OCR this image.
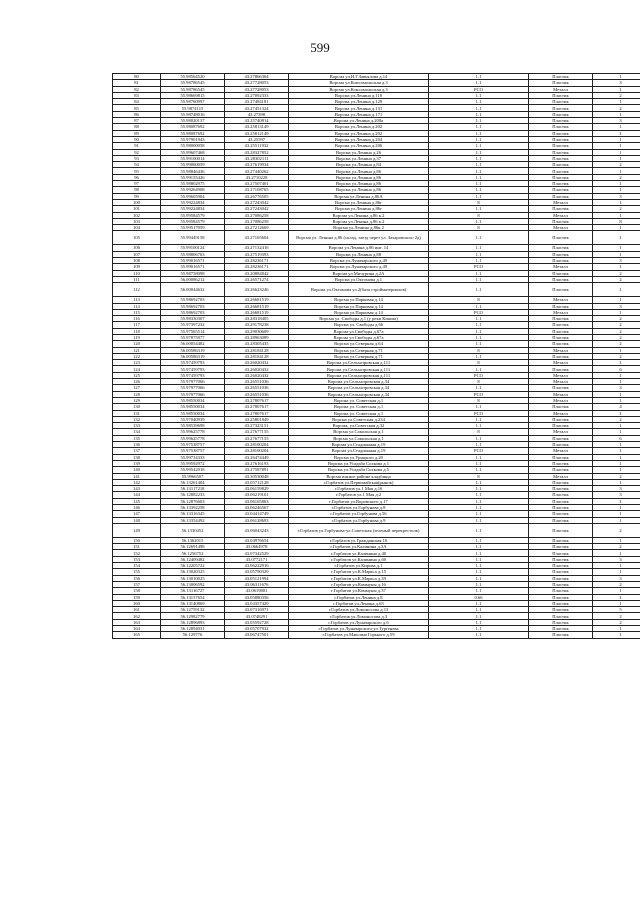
599
80	55.98564520	43.27866364	Ворсма ул.И.Г.Завьялова д.14	1.1	Пластик	1
81	55.98786545	43.27728053	Ворсма ул.Комсомольская д.3	1.1	Пластик	3
82	55.98786545	43.27728053	Ворсма ул.Комсомольская д.3	РСО	Металл	1
83	55.98669815	43.27092333	Ворсма ул.Ленина д.118	1.1	Пластик	2
84	55.98760997	43.27484181	Ворсма ул.Ленина д.129	1.1	Пластик	1
85	55.9874115	43.27451324	Ворсма ул.Ленина д.131	1.1	Пластик	2
86	55.98748016	43.27398	Ворсма ул.Ленина д.171	1.1	Пластик	1
87	55.98020137	43.25740814	Ворсма ул.Ленина д.200а	1.1	Пластик	3
88	55.98087692	43.25813149	Ворсма ул.Ленина д.202	1.1	Пластик	1
89	55.98087692	43.25812149	Ворсма ул.Ленина д.202	1.1	Пластик	1
90	55.97901943	43.25597	Ворсма ул.Ленина д.204	1.1	Пластик	1
91	55.98000058	43.25511932	Ворсма ул.Ленина д.206	1.1	Пластик	1
92	55.99607468	43.28327852	Ворсма ул.Ленина д.26	1.1	Пластик	1
93	55.99100014	43.28302111	Ворсма ул.Ленина д.37	1.1	Пластик	1
94	55.99060059	43.27619934	Ворсма ул.Ленина д.84	1.1	Пластик	2
95	55.98846436	43.27440262	Ворсма ул.Ленина д.86	1.1	Пластик	1
96	55.99155426	43.2710228	Ворсма ул.Ленина д.86	1.1	Пластик	2
97	55.98802975	43.27507401	Ворсма ул.Ленина д.86	1.1	Пластик	1
98	55.99264908	43.27108765	Ворсма ул.Ленина д.86	1.1	Пластик	1
99	55.99605904	43.26776505	Ворсма ул.Ленина д.86А	1.1	Пластик	3
100	55.99224834	43.27243042	Ворсма ул.Ленина д.86г	8	Металл	1
101	55.99224834	43.27243042	Ворсма ул.Ленина д.86г	1.1	Пластик	2
102	55.99584579	43.27086258	Ворсма ул.Ленина д.86 к.2	8	Металл	1
103	55.99584579	43.27086258	Ворсма ул.Ленина д.86 к.2	1.1	Пластик	8
104	55.99517059	43.27212669	Ворсма ул.Ленина д.86к.2	8	Металл	1
105	55.99449158	43.27165604	Ворсма ул. Ленина д.86 (склад, заезд через ул. Захаровского 2д)	1.1	Пластик	1
106	55.99100124	43.27132416	Ворсма ул.Ленина д.86 инт. 14	1.1	Пластик	1
107	55.98806763	43.27519393	Ворсма ул.Ленина д.88	1.1	Пластик	1
108	55.99016571	43.28236171	Ворсма ул.Луначарского д.49	1.1	Пластик	3
109	55.99016571	43.28236171	Ворсма ул.Луначарского д.49	РСО	Металл	1
110	55.98758098	43.20884842	Ворсма ул.Мичурина д.2А	1.1	Пластик	2
111	56.00086212	43.26571274	Ворсма ул.Октомова д.1	1.1	Пластик	2
112	56.00044632	43.26623246	Ворсма ул.Октомова ул.2(база стройматериалов)	1.1	Пластик	1
113	55.98692703	43.26681519	Ворсма ул.Парковая д.14	8	Металл	1
114	55.98692703	43.26681519	Ворсма ул.Парковая д.14	1.1	Пластик	3
115	55.98692703	43.26681519	Ворсма ул.Парковая д.14	РСО	Металл	1
116	55.98330307	43.28318405	Ворсма ул. Свободы д.1 (у реки Кишма)	1.1	Пластик	2
117	55.97397232	43.29178238	Ворсма ул. Свободы д.66	1.1	Пластик	2
118	55.97565514	43.29030609	Ворсма ул.Свободы д.67а	1.1	Пластик	2
119	55.97875977	43.28963089	Ворсма ул.Свободы д.67а	1.1	Пластик	2
120	56.00054482	43.28305435	Ворсма ул.Северная д.64	1.1	Пластик	2
121	56.00586319	43.28184128	Ворсма ул.Северная д.71	8	Металл	1
122	56.00586319	43.28184128	Ворсма ул.Северная д.71	1.1	Пластик	2
123	55.97459793	43.26020432	Ворсма ул.Сельхозровская д.111	8	Металл	1
124	55.97459793	43.26020432	Ворсма ул.Сельхозровская д.111	1.1	Пластик	6
125	55.97459793	43.26020432	Ворсма ул.Сельхозровская д.111	РСО	Металл	1
126	55.97977066	43.26551036	Ворсма ул.Сельхозровская д.34	8	Металл	1
127	55.97977066	43.26551036	Ворсма ул.Сельхозровская д.34	1.1	Пластик	3
128	55.97977066	43.26551036	Ворсма ул.Сельхозровская д.34	РСО	Металл	1
129	55.98550034	43.27807617	Ворсма ул. Советская д.1	8	Металл	1
130	55.98550034	43.27807617	Ворсма ул. Советская д.1	1.1	Пластик	4
131	55.98550034	43.27807617	Ворсма ул. Советская д.1	РСО	Металл	1
132	55.97040939	43.25801849	Ворсма ул.Советская д.234	1.1	Пластик	2
133	55.98539698	43.27323151	Ворсма, ул.Советская д.32	1.1	Пластик	1
134	55.99625778	43.27677155	Ворсма ул.Сокольская д.1	8	Металл	1
135	55.99625778	43.27677155	Ворсма ул.Сокольская д.1	1.1	Пластик	6
136	55.97538757	43.28100204	Ворсма ул.Стадионная д.19	1.1	Пластик	1
137	55.97538757	43.28100204	Ворсма ул.Стадионная д.19	РСО	Металл	1
138	55.99734333	43.26474449	Ворсма ул.Урицкого д.20	1.1	Пластик	1
139	55.99592972	43.27616193	Ворсма ул.Усадьба Сохкова д.1	1.1	Пластик	1
140	55.99542018	43.27587891	Ворсма ул.Усадьба Сохкова д.5	1.1	Пластик	1
141	55.9966507	43.30530048	Ворсма южное районе кладбища	8	Металл	2
142	56.13261404	43.05712128	г.Горбатов ул.Первомайская(рынок)	1.1	Пластик	1
143	56.13117218	43.06159829	г.Горбатов ул.1 Мая д.16	1.1	Пластик	3
144	56.12882233	43.06219101	г.Горбатов ул.1 Мая д.2	1.1	Пластик	3
145	56.12876603	43.06165863	г.Горбатов ул.Воровского д.17	1.1	Пластик	1
146	56.13392258	43.06246567	г.Горбатов ул.Горбунова д.8	1.1	Пластик	1
147	56.13316345	43.04414749	г.Горбатов ул.Горбунова д.56	1.1	Пластик	1
148	56.13354492	43.06128693	г.Горбатов ул.Горбунова д.9	1.1	Пластик	1
149	56.1330452	43.06043243	г.Горбатов ул.Горбунова-ул.Советская (зеленый перекрестолк)	1.1	Пластик	2
150	56.1362015	43.04976654	г.Горбатов ул.Гражданская 16	1.1	Пластик	1
151	56.12691498	43.0664978	г.Горбатов ул.Калинина д.3А	1.1	Пластик	2
152	56.1256752	43.07342529	г.Горбатов ул.Калинина д.40	1.1	Пластик	1
153	56.12409482	43.0772171	г.Горбатов ул.Калинина д.60	1.1	Пластик	3
154	56.12205722	43.06222916	г.Горбатов ул.Кирова д.1	1.1	Пластик	1
155	56.13020325	43.05790329	г.Горбатов ул.К.Маркса д.15	1.1	Пластик	1
156	56.13010025	43.05121994	г.Горбатов ул.К.Маркса д.39	1.1	Пластик	3
157	56.13006592	43.06311676	г.Горбатов ул.Коммуны д.16	1.1	Пластик	2
158	56.13116727	43.0619801	г.Горбатов ул.Коммуны д.37	1.1	Пластик	1
159	56.13157654	43.05880356	г.Горбатов ул.Ленина д.8	0.66	Пластик	1
160	56.13140869	43.04357429	г.Горбатов ул.Ленина д.63	1.1	Пластик	1
161	56.12759132	43.07316971	г.Горбатов ул.Ломоносова д.13	1.1	Пластик	5
162	56.12982779	43.0748291	г.Горбатов ул.Ломоносова д.3	1.1	Пластик	2
163	56.12896893	43.05592728	г.Горбатов ул.Луначарского д.6	1.1	Пластик	2
164	56.12894031	43.05707932	г.Горбатов ул.Луначарского-ул.Тургенева	1.1	Пластик	1
165	56.129776	43.06747501	г.Горбатов ул.Максима Горького д.59	1.1	Пластик	1
